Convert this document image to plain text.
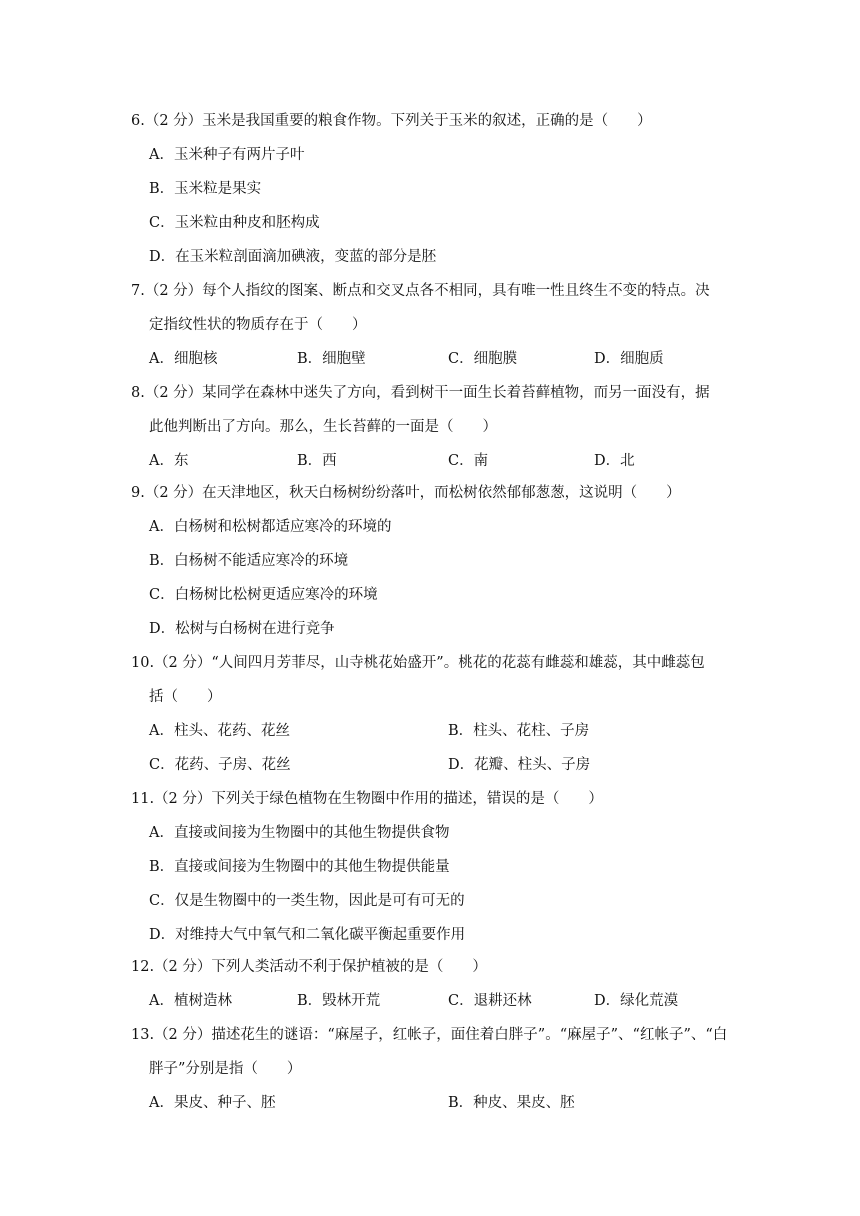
6.（2 分）玉米是我国重要的粮食作物。下列关于玉米的叙述，正确的是（　　）
A．玉米种子有两片子叶
B．玉米粒是果实
C．玉米粒由种皮和胚构成
D．在玉米粒剖面滴加碘液，变蓝的部分是胚
7.（2 分）每个人指纹的图案、断点和交叉点各不相同，具有唯一性且终生不变的特点。决
定指纹性状的物质存在于（　　）
A．细胞核	B．细胞壁	C．细胞膜	D．细胞质
8.（2 分）某同学在森林中迷失了方向，看到树干一面生长着苔藓植物，而另一面没有，据
此他判断出了方向。那么，生长苔藓的一面是（　　）
A．东	B．西	C．南	D．北
9.（2 分）在天津地区，秋天白杨树纷纷落叶，而松树依然郁郁葱葱，这说明（　　）
A．白杨树和松树都适应寒冷的环境的
B．白杨树不能适应寒冷的环境
C．白杨树比松树更适应寒冷的环境
D．松树与白杨树在进行竞争
10.（2 分）“人间四月芳菲尽，山寺桃花始盛开”。桃花的花蕊有雌蕊和雄蕊，其中雌蕊包
括（　　）
A．柱头、花药、花丝	B．柱头、花柱、子房
C．花药、子房、花丝	D．花瓣、柱头、子房
11.（2 分）下列关于绿色植物在生物圈中作用的描述，错误的是（　　）
A．直接或间接为生物圈中的其他生物提供食物
B．直接或间接为生物圈中的其他生物提供能量
C．仅是生物圈中的一类生物，因此是可有可无的
D．对维持大气中氧气和二氧化碳平衡起重要作用
12.（2 分）下列人类活动不利于保护植被的是（　　）
A．植树造林	B．毁林开荒	C．退耕还林	D．绿化荒漠
13.（2 分）描述花生的谜语：“麻屋子，红帐子，面住着白胖子”。“麻屋子”、“红帐子”、“白
胖子”分别是指（　　）
A．果皮、种子、胚	B．种皮、果皮、胚
